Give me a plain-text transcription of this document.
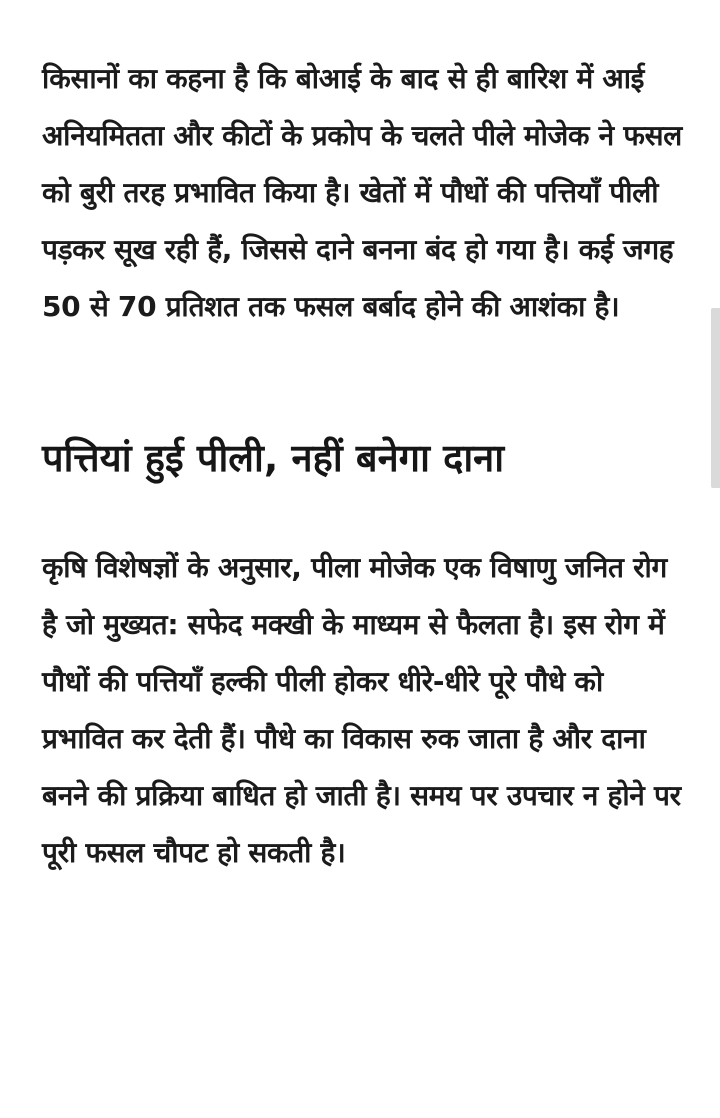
किसानों का कहना है कि बोआई के बाद से ही बारिश में आई अनियमितता और कीटों के प्रकोप के चलते पीले मोजेक ने फसल को बुरी तरह प्रभावित किया है। खेतों में पौधों की पत्तियाँ पीली पड़कर सूख रही हैं, जिससे दाने बनना बंद हो गया है। कई जगह 50 से 70 प्रतिशत तक फसल बर्बाद होने की आशंका है।

पत्तियां हुई पीली, नहीं बनेगा दाना

कृषि विशेषज्ञों के अनुसार, पीला मोजेक एक विषाणु जनित रोग है जो मुख्यत: सफेद मक्खी के माध्यम से फैलता है। इस रोग में पौधों की पत्तियाँ हल्की पीली होकर धीरे-धीरे पूरे पौधे को प्रभावित कर देती हैं। पौधे का विकास रुक जाता है और दाना बनने की प्रक्रिया बाधित हो जाती है। समय पर उपचार न होने पर पूरी फसल चौपट हो सकती है।
